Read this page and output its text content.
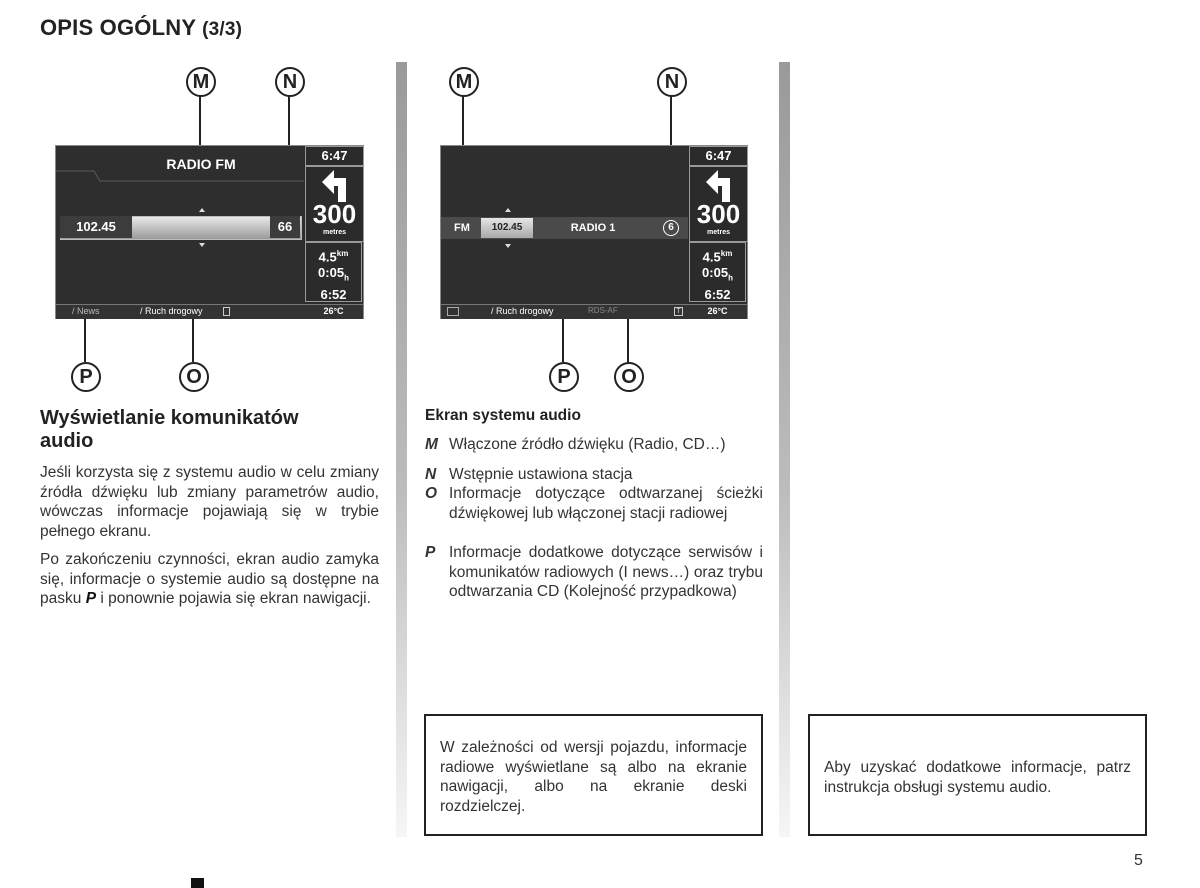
OPIS OGÓLNY (3/3)
M	N
O
P
RADIO FM
102.45	66
6:47
300
metres
$4.5^{km}$
$0:05_h$
6:52
/ News	/ Ruch drogowy	26°C
M	N
O
P
FM	102.45	RADIO 1	6
6:47
300
metres
$4.5^{km}$
$0:05_h$
6:52
/ Ruch drogowy	RDS-AF	T	26°C
Wyświetlanie komunikatów audio
Jeśli korzysta się z systemu audio w celu zmiany źródła dźwięku lub zmiany parametrów audio, wówczas informacje pojawiają się w trybie pełnego ekranu.
Po zakończeniu czynności, ekran audio zamyka się, informacje o systemie audio są dostępne na pasku P i ponownie pojawia się ekran nawigacji.
Ekran systemu audio
M Włączone źródło dźwięku (Radio, CD…)
N Wstępnie ustawiona stacja
O Informacje dotyczące odtwarzanej ścieżki dźwiękowej lub włączonej stacji radiowej
P Informacje dodatkowe dotyczące serwisów i komunikatów radiowych (I news…) oraz trybu odtwarzania CD (Kolejność przypadkowa)
W zależności od wersji pojazdu, informacje radiowe wyświetlane są albo na ekranie nawigacji, albo na ekranie deski rozdzielczej.
Aby uzyskać dodatkowe informacje, patrz instrukcja obsługi systemu audio.
5
